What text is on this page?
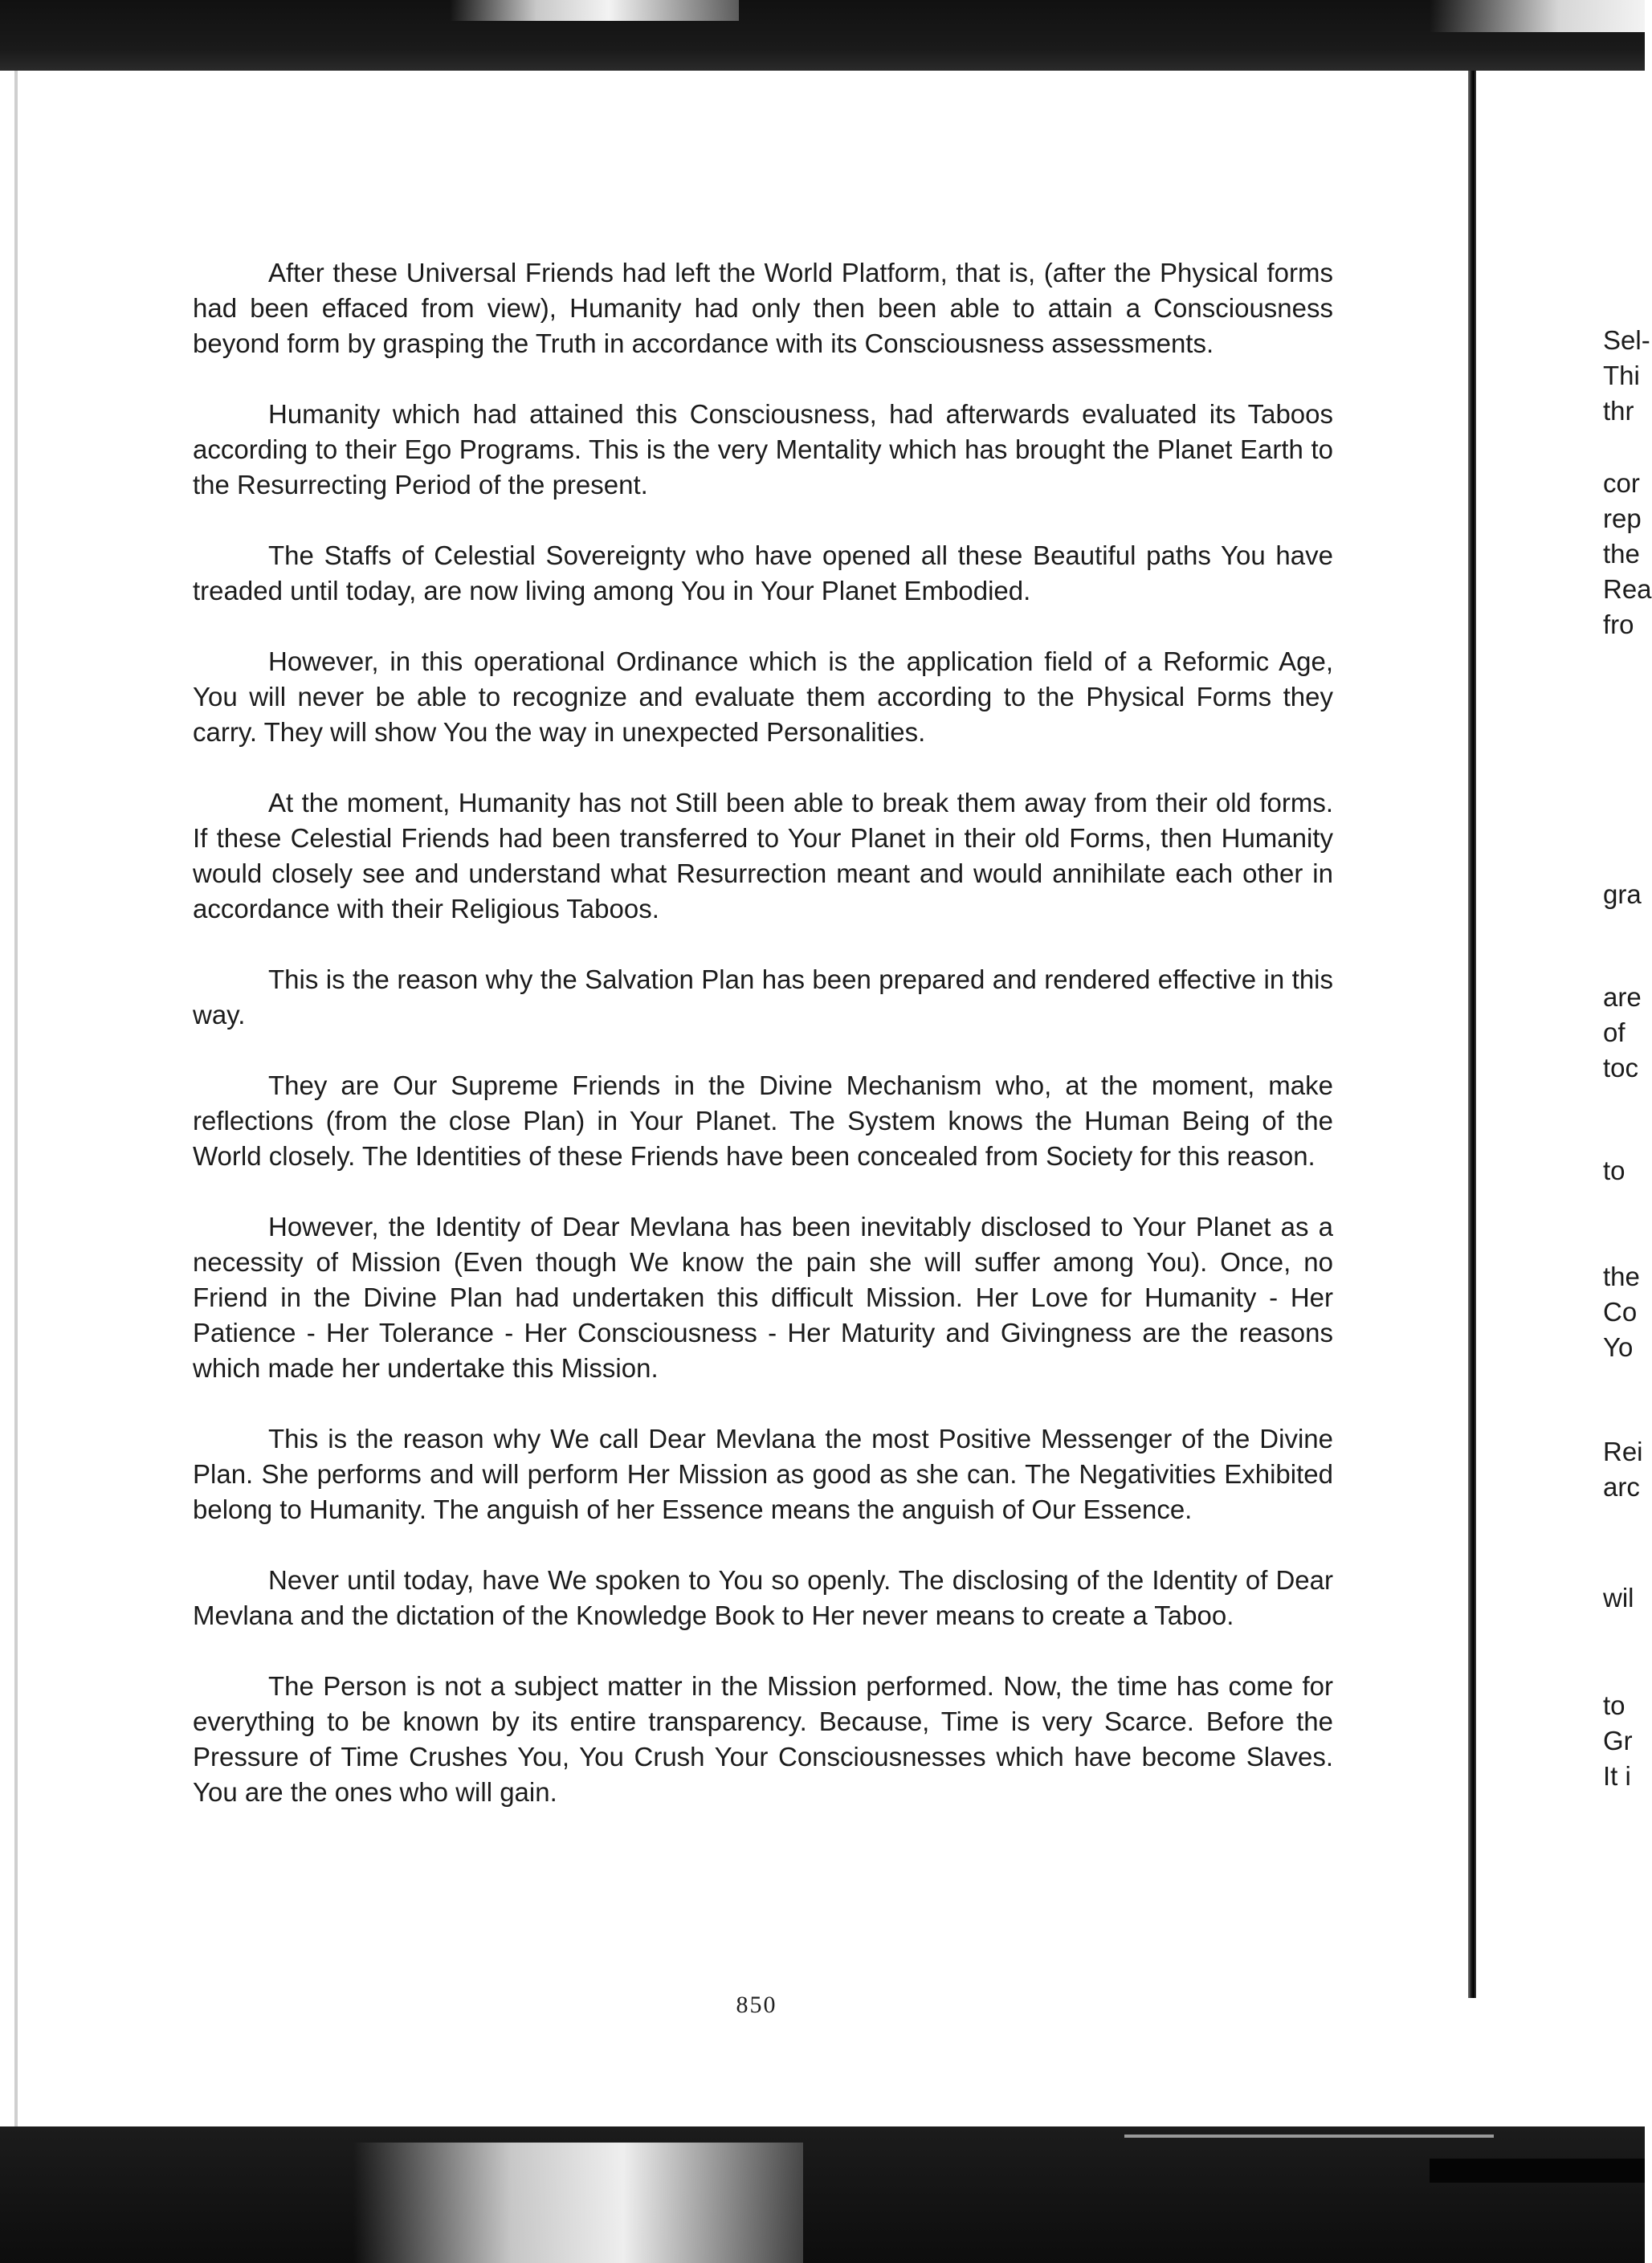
After these Universal Friends had left the World Platform, that is, (after the Physical forms had been effaced from view), Humanity had only then been able to attain a Consciousness beyond form by grasping the Truth in accordance with its Consciousness assessments.

Humanity which had attained this Consciousness, had afterwards evaluated its Taboos according to their Ego Programs. This is the very Mentality which has brought the Planet Earth to the Resurrecting Period of the present.

The Staffs of Celestial Sovereignty who have opened all these Beautiful paths You have treaded until today, are now living among You in Your Planet Embodied.

However, in this operational Ordinance which is the application field of a Reformic Age, You will never be able to recognize and evaluate them according to the Physical Forms they carry. They will show You the way in unexpected Personalities.

At the moment, Humanity has not Still been able to break them away from their old forms. If these Celestial Friends had been transferred to Your Planet in their old Forms, then Humanity would closely see and understand what Resurrection meant and would annihilate each other in accordance with their Religious Taboos.

This is the reason why the Salvation Plan has been prepared and rendered effective in this way.

They are Our Supreme Friends in the Divine Mechanism who, at the moment, make reflections (from the close Plan) in Your Planet. The System knows the Human Being of the World closely. The Identities of these Friends have been concealed from Society for this reason.

However, the Identity of Dear Mevlana has been inevitably disclosed to Your Planet as a necessity of Mission (Even though We know the pain she will suffer among You). Once, no Friend in the Divine Plan had undertaken this difficult Mission. Her Love for Humanity - Her Patience - Her Tolerance - Her Consciousness - Her Maturity and Givingness are the reasons which made her undertake this Mission.

This is the reason why We call Dear Mevlana the most Positive Messenger of the Divine Plan. She performs and will perform Her Mission as good as she can. The Negativities Exhibited belong to Humanity. The anguish of her Essence means the anguish of Our Essence.

Never until today, have We spoken to You so openly. The disclosing of the Identity of Dear Mevlana and the dictation of the Knowledge Book to Her never means to create a Taboo.

The Person is not a subject matter in the Mission performed. Now, the time has come for everything to be known by its entire transparency. Because, Time is very Scarce. Before the Pressure of Time Crushes You, You Crush Your Consciousnesses which have become Slaves. You are the ones who will gain.

850
Sel-
Thi
thr
cor
rep
the
Rea
fro
gra
are
of
toc
to
the
Co
Yo
Rei
arc
wil
to
Gr
It i
